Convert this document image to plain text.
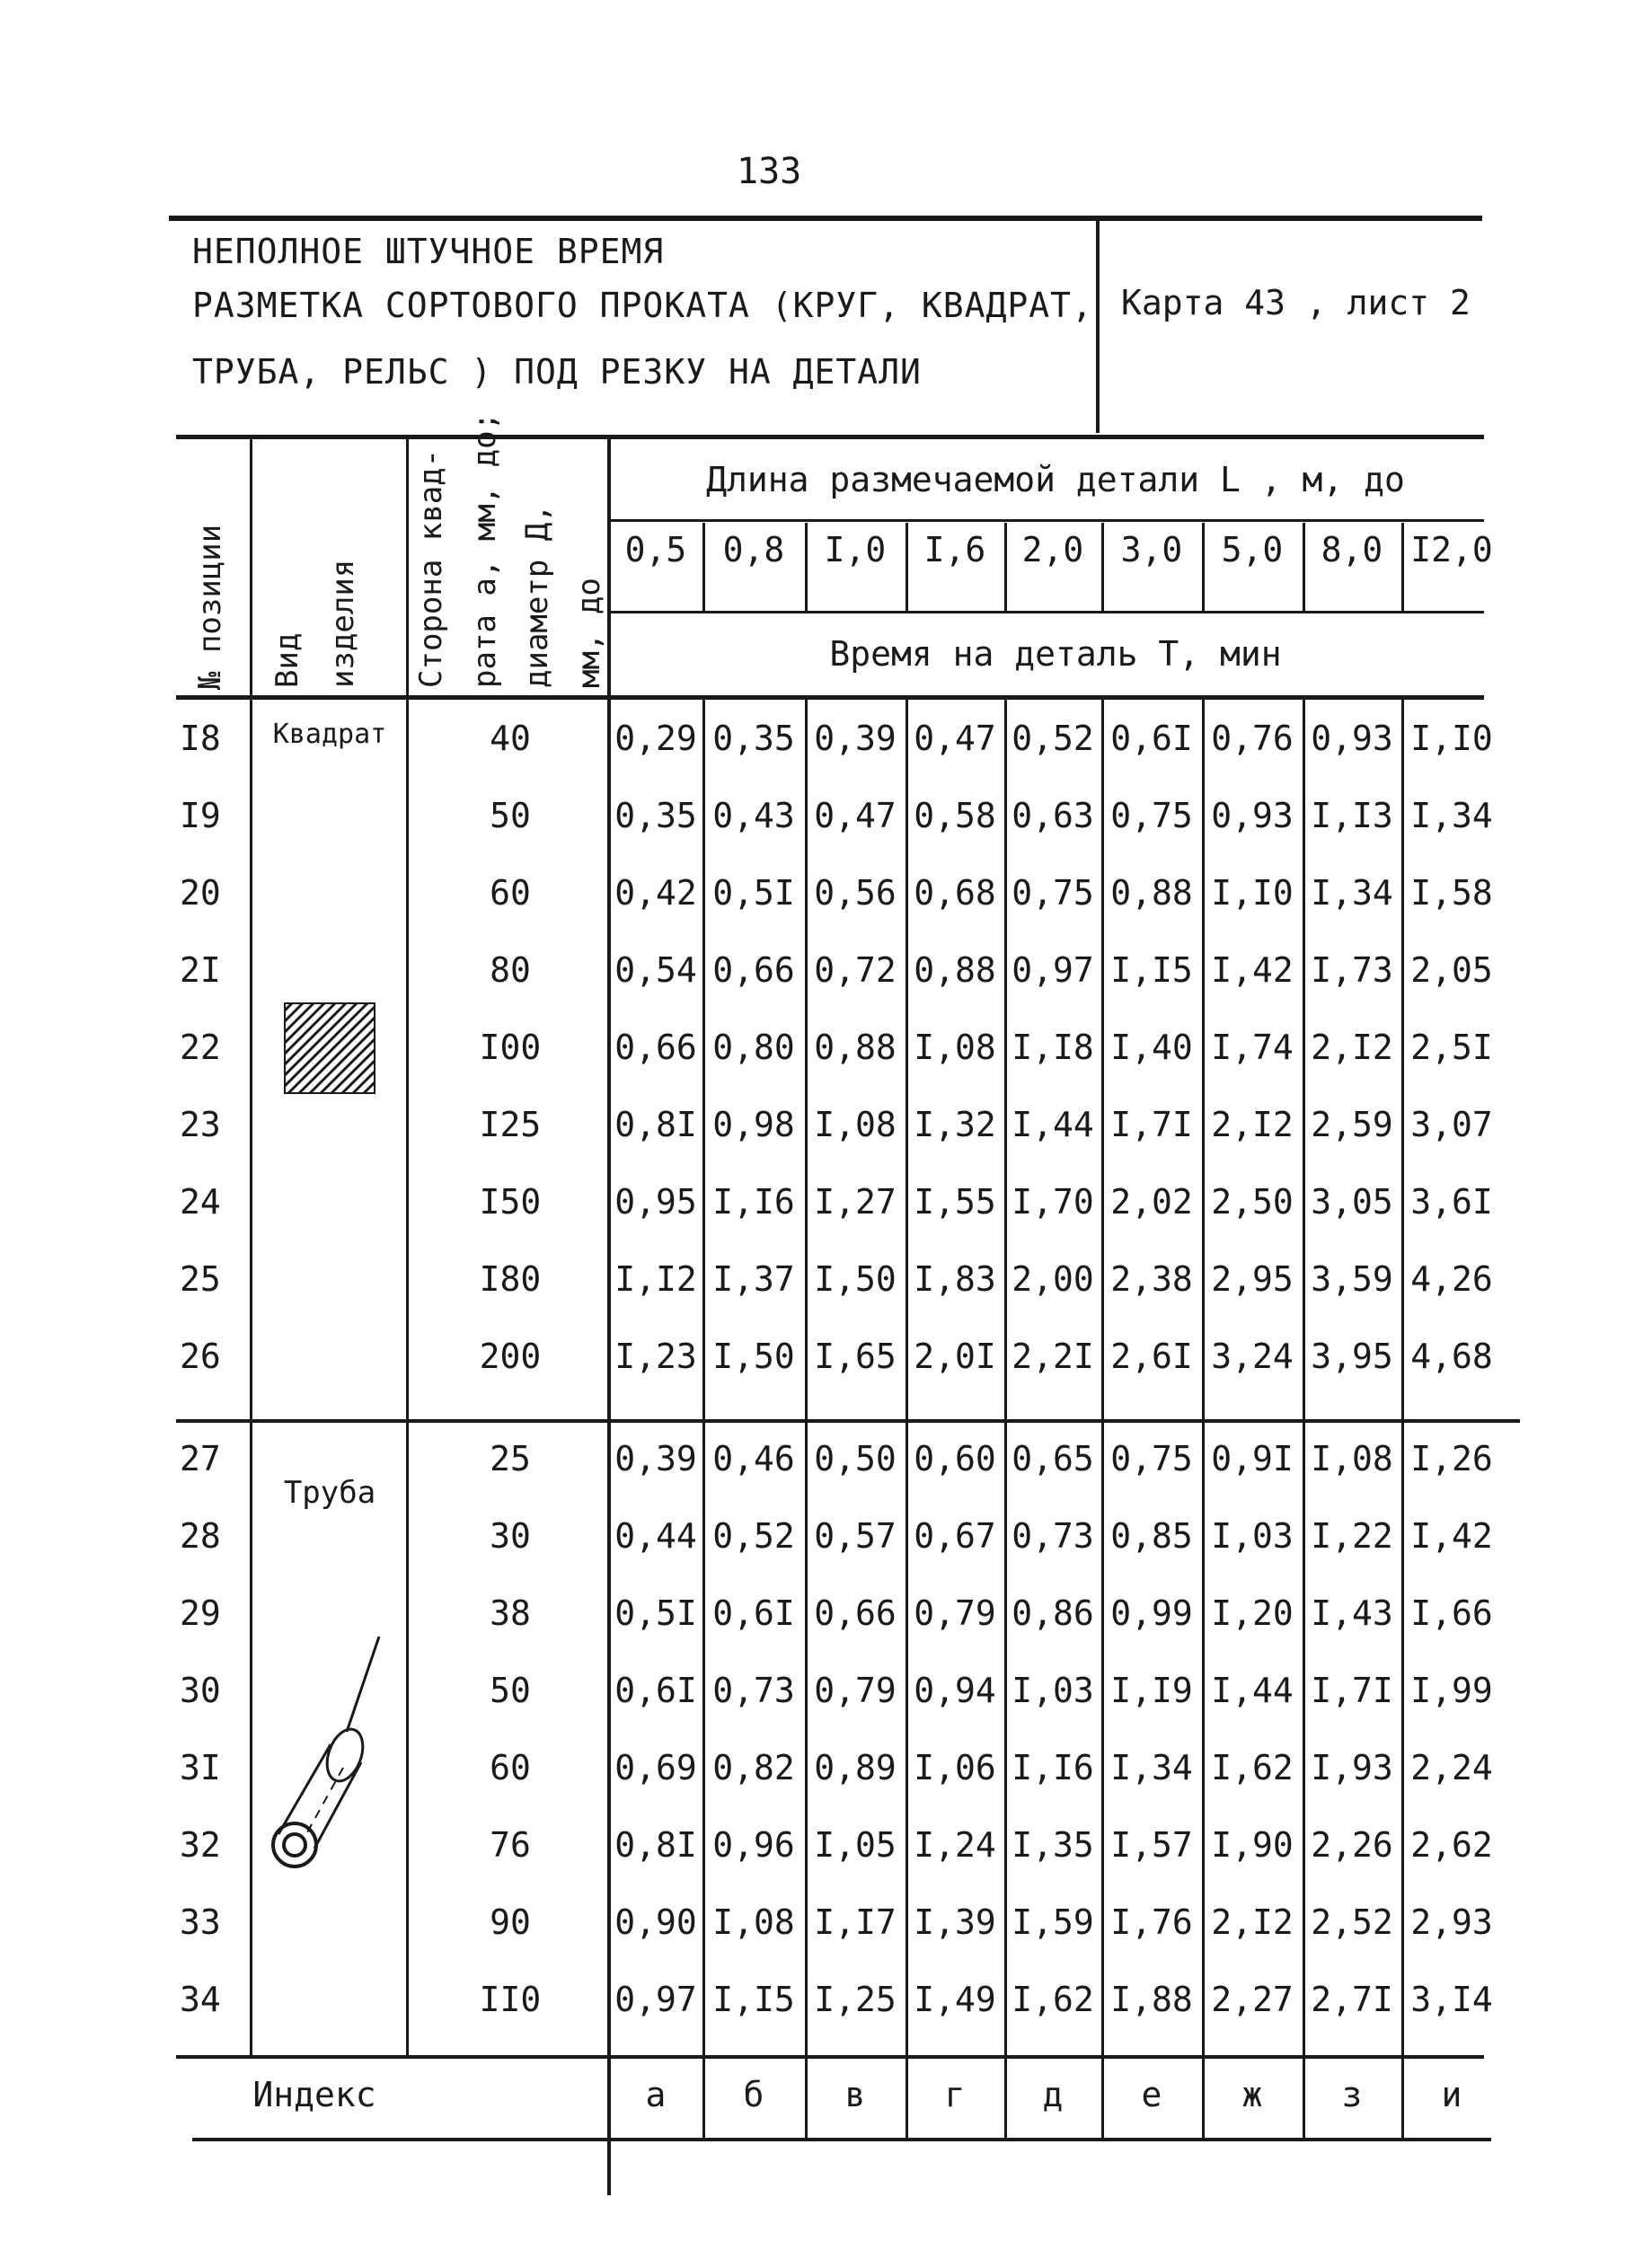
133
НЕПОЛНОЕ ШТУЧНОЕ ВРЕМЯ
РАЗМЕТКА СОРТОВОГО ПРОКАТА (КРУГ, КВАДРАТ,
ТРУБА, РЕЛЬС ) ПОД РЕЗКУ НА ДЕТАЛИ
Карта 43 , лист 2
№ позиции Вид изделия Сторона квад- рата а, мм, до; диаметр Д, мм, до
Длина размечаемой детали L , м, до
0,5	0,8	I,0	I,6	2,0	3,0	5,0	8,0 I2,0
Время на деталь Т, мин
Квадрат
I8	40	0,29 0,35 0,39 0,47 0,52 0,6I 0,76 0,93 I,I0
I9	50	0,35 0,43 0,47 0,58 0,63 0,75 0,93 I,I3 I,34
20	60	0,42 0,5I 0,56 0,68 0,75 0,88 I,I0 I,34 I,58
2I	80	0,54 0,66 0,72 0,88 0,97 I,I5 I,42 I,73 2,05
22	I00	0,66 0,80 0,88 I,08 I,I8 I,40 I,74 2,I2 2,5I
23	I25	0,8I 0,98 I,08 I,32 I,44 I,7I 2,I2 2,59 3,07
24	I50	0,95 I,I6 I,27 I,55 I,70 2,02 2,50 3,05 3,6I
25	I80	I,I2 I,37 I,50 I,83 2,00 2,38 2,95 3,59 4,26
26	200	I,23 I,50 I,65 2,0I 2,2I 2,6I 3,24 3,95 4,68
Труба
27	25	0,39 0,46 0,50 0,60 0,65 0,75 0,9I I,08 I,26
28	30	0,44 0,52 0,57 0,67 0,73 0,85 I,03 I,22 I,42
29	38	0,5I 0,6I 0,66 0,79 0,86 0,99 I,20 I,43 I,66
30	50	0,6I 0,73 0,79 0,94 I,03 I,I9 I,44 I,7I I,99
3I	60	0,69 0,82 0,89 I,06 I,I6 I,34 I,62 I,93 2,24
32	76	0,8I 0,96 I,05 I,24 I,35 I,57 I,90 2,26 2,62
33	90	0,90 I,08 I,I7 I,39 I,59 I,76 2,I2 2,52 2,93
34	II0	0,97 I,I5 I,25 I,49 I,62 I,88 2,27 2,7I 3,I4
Индекс	а	б	в	г	д	е	ж	з	и
